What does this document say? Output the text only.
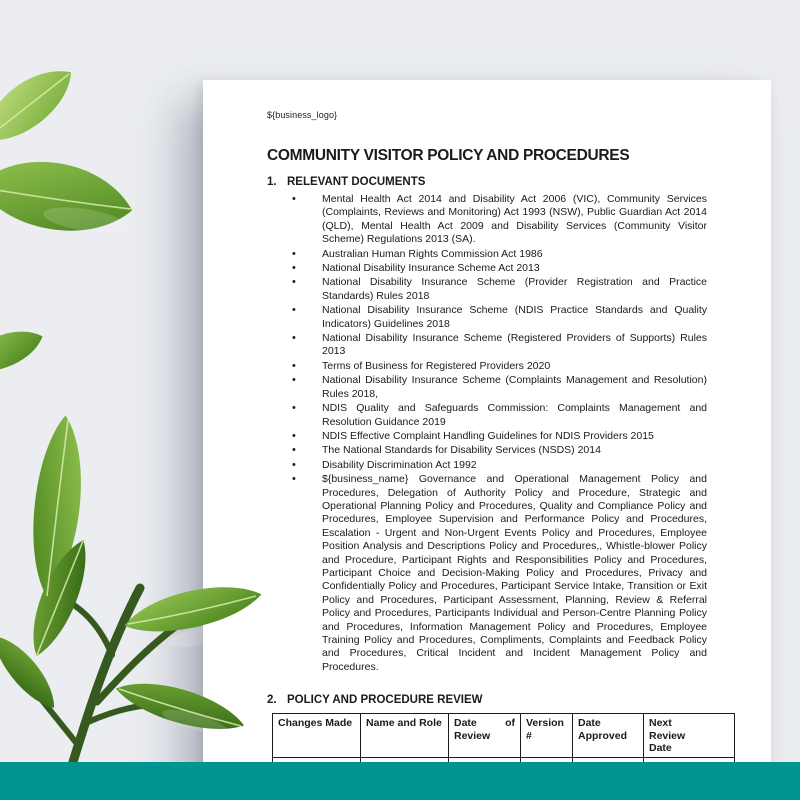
${business_logo}
COMMUNITY VISITOR POLICY AND PROCEDURES
1. RELEVANT DOCUMENTS
• Mental Health Act 2014 and Disability Act 2006 (VIC), Community Services (Complaints, Reviews and Monitoring) Act 1993 (NSW), Public Guardian Act 2014 (QLD), Mental Health Act 2009 and Disability Services (Community Visitor Scheme) Regulations 2013 (SA).
• Australian Human Rights Commission Act 1986
• National Disability Insurance Scheme Act 2013
• National Disability Insurance Scheme (Provider Registration and Practice Standards) Rules 2018
• National Disability Insurance Scheme (NDIS Practice Standards and Quality Indicators) Guidelines 2018
• National Disability Insurance Scheme (Registered Providers of Supports) Rules 2013
• Terms of Business for Registered Providers 2020
• National Disability Insurance Scheme (Complaints Management and Resolution) Rules 2018,
• NDIS Quality and Safeguards Commission: Complaints Management and Resolution Guidance 2019
• NDIS Effective Complaint Handling Guidelines for NDIS Providers 2015
• The National Standards for Disability Services (NSDS) 2014
• Disability Discrimination Act 1992
• ${business_name} Governance and Operational Management Policy and Procedures, Delegation of Authority Policy and Procedure, Strategic and Operational Planning Policy and Procedures, Quality and Compliance Policy and Procedures, Employee Supervision and Performance Policy and Procedures, Escalation - Urgent and Non-Urgent Events Policy and Procedures, Employee Position Analysis and Descriptions Policy and Procedures,, Whistle-blower Policy and Procedure, Participant Rights and Responsibilities Policy and Procedures, Participant Choice and Decision-Making Policy and Procedures, Privacy and Confidentially Policy and Procedures, Participant Service Intake, Transition or Exit Policy and Procedures, Participant Assessment, Planning, Review & Referral Policy and Procedures, Participants Individual and Person-Centre Planning Policy and Procedures, Information Management Policy and Procedures, Employee Training Policy and Procedures, Compliments, Complaints and Feedback Policy and Procedures, Critical Incident and Incident Management Policy and Procedures.
2. POLICY AND PROCEDURE REVIEW
Changes Made	Name and Role	Date of Review	Version #	Date Approved	Next Review Date
